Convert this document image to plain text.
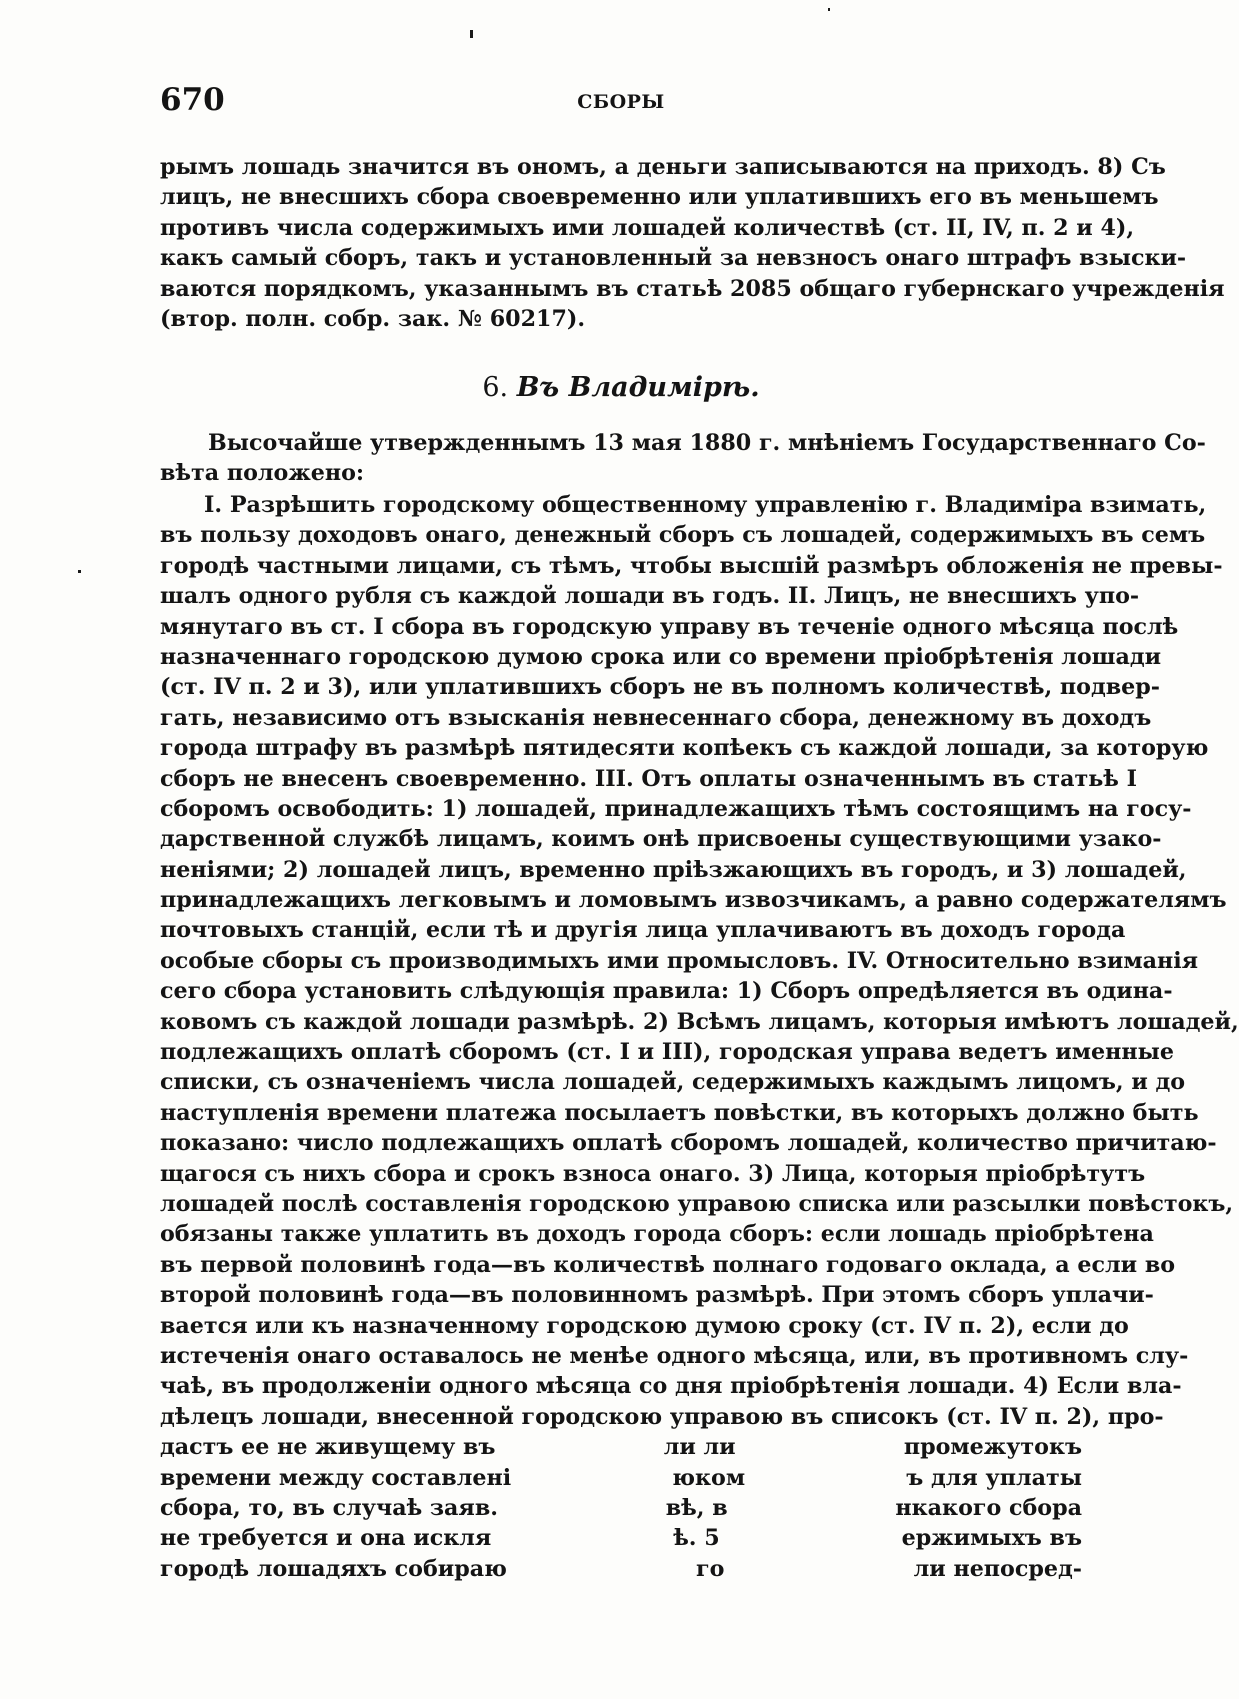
670	СБОРЫ
рымъ лошадь значится въ ономъ, а деньги записываются на приходъ. 8) Съ
лицъ, не внесшихъ сбора своевременно или уплатившихъ его въ меньшемъ
противъ числа содержимыхъ ими лошадей количествѣ (ст. II, IV, п. 2 и 4),
какъ самый сборъ, такъ и установленный за невзносъ онаго штрафъ взыски-
ваются порядкомъ, указаннымъ въ статьѣ 2085 общаго губернскаго учрежденія
(втор. полн. собр. зак. № 60217).
6. Въ Владимірѣ.
Высочайше утвержденнымъ 13 мая 1880 г. мнѣніемъ Государственнаго Со-
вѣта положено:
I. Разрѣшить городскому общественному управленію г. Владиміра взимать,
въ пользу доходовъ онаго, денежный сборъ съ лошадей, содержимыхъ въ семъ
городѣ частными лицами, съ тѣмъ, чтобы высшій размѣръ обложенія не превы-
шалъ одного рубля съ каждой лошади въ годъ. II. Лицъ, не внесшихъ упо-
мянутаго въ ст. I сбора въ городскую управу въ теченіе одного мѣсяца послѣ
назначеннаго городскою думою срока или со времени пріобрѣтенія лошади
(ст. IV п. 2 и 3), или уплатившихъ сборъ не въ полномъ количествѣ, подвер-
гать, независимо отъ взысканія невнесеннаго сбора, денежному въ доходъ
города штрафу въ размѣрѣ пятидесяти копѣекъ съ каждой лошади, за которую
сборъ не внесенъ своевременно. III. Отъ оплаты означеннымъ въ статьѣ I
сборомъ освободить: 1) лошадей, принадлежащихъ тѣмъ состоящимъ на госу-
дарственной службѣ лицамъ, коимъ онѣ присвоены существующими узако-
неніями; 2) лошадей лицъ, временно пріѣзжающихъ въ городъ, и 3) лошадей,
принадлежащихъ легковымъ и ломовымъ извозчикамъ, а равно содержателямъ
почтовыхъ станцій, если тѣ и другія лица уплачиваютъ въ доходъ города
особые сборы съ производимыхъ ими промысловъ. IV. Относительно взиманія
сего сбора установить слѣдующія правила: 1) Сборъ опредѣляется въ одина-
ковомъ съ каждой лошади размѣрѣ. 2) Всѣмъ лицамъ, которыя имѣютъ лошадей,
подлежащихъ оплатѣ сборомъ (ст. I и III), городская управа ведетъ именные
списки, съ означеніемъ числа лошадей, седержимыхъ каждымъ лицомъ, и до
наступленія времени платежа посылаетъ повѣстки, въ которыхъ должно быть
показано: число подлежащихъ оплатѣ сборомъ лошадей, количество причитаю-
щагося съ нихъ сбора и срокъ взноса онаго. 3) Лица, которыя пріобрѣтутъ
лошадей послѣ составленія городскою управою списка или разсылки повѣстокъ,
обязаны также уплатить въ доходъ города сборъ: если лошадь пріобрѣтена
въ первой половинѣ года—въ количествѣ полнаго годоваго оклада, а если во
второй половинѣ года—въ половинномъ размѣрѣ. При этомъ сборъ уплачи-
вается или къ назначенному городскою думою сроку (ст. IV п. 2), если до
истеченія онаго оставалось не менѣе одного мѣсяца, или, въ противномъ слу-
чаѣ, въ продолженіи одного мѣсяца со дня пріобрѣтенія лошади. 4) Если вла-
дѣлецъ лошади, внесенной городскою управою въ списокъ (ст. IV п. 2), про-
дастъ ее не живущему въ	ли ли	промежутокъ
времени между составлені	юком	ъ для уплаты
сбора, то, въ случаѣ заяв.	вѣ, в	нкакого сбора
не требуется и она искля	ѣ. 5	ержимыхъ въ
городѣ лошадяхъ собираю	го	ли непосред-
